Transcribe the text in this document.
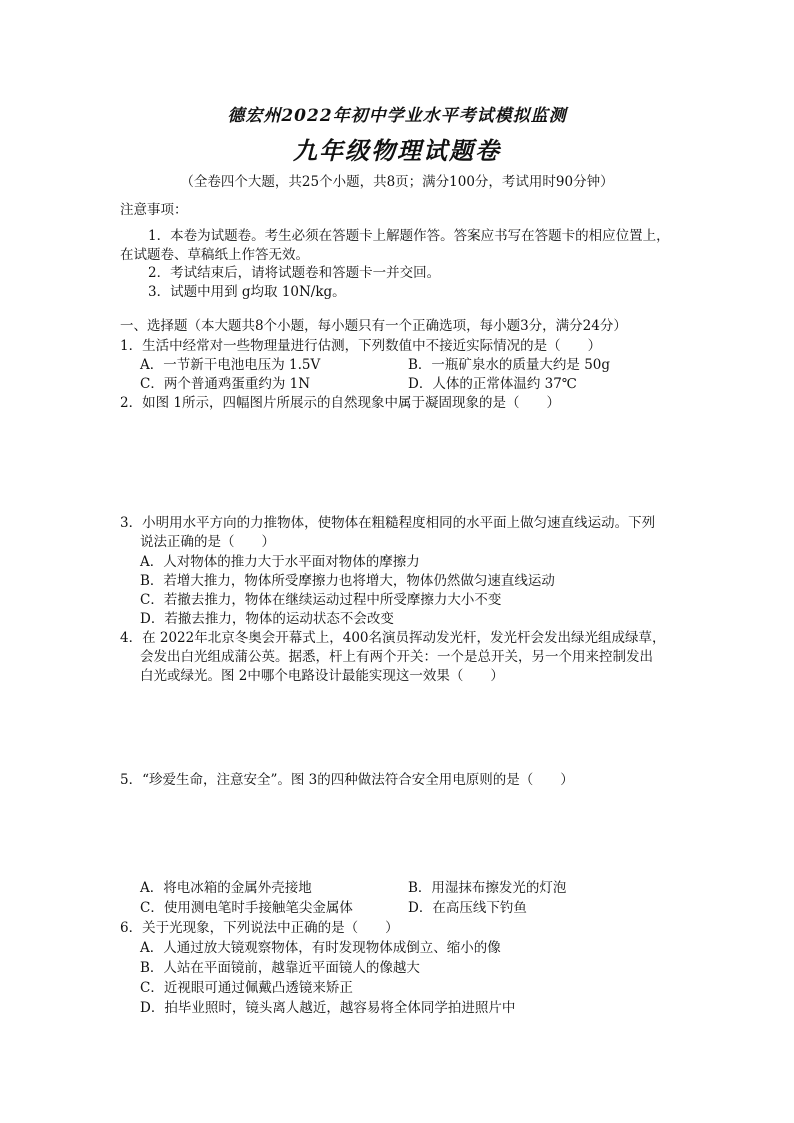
德宏州2022年初中学业水平考试模拟监测
九年级物理试题卷
（全卷四个大题，共25个小题，共8页；满分100分，考试用时90分钟）
注意事项：
1．本卷为试题卷。考生必须在答题卡上解题作答。答案应书写在答题卡的相应位置上，
在试题卷、草稿纸上作答无效。
2．考试结束后，请将试题卷和答题卡一并交回。
3．试题中用到 g均取 10N/kg。
一、选择题（本大题共8个小题，每小题只有一个正确选项，每小题3分，满分24分）
1．生活中经常对一些物理量进行估测，下列数值中不接近实际情况的是（　　）
A．一节新干电池电压为 1.5V	B．一瓶矿泉水的质量大约是 50g
C．两个普通鸡蛋重约为 1N	D．人体的正常体温约 37℃
2．如图 1所示，四幅图片所展示的自然现象中属于凝固现象的是（　　）
3．小明用水平方向的力推物体，使物体在粗糙程度相同的水平面上做匀速直线运动。下列
说法正确的是（　　）
A．人对物体的推力大于水平面对物体的摩擦力
B．若增大推力，物体所受摩擦力也将增大，物体仍然做匀速直线运动
C．若撤去推力，物体在继续运动过程中所受摩擦力大小不变
D．若撤去推力，物体的运动状态不会改变
4．在 2022年北京冬奥会开幕式上，400名演员挥动发光杆，发光杆会发出绿光组成绿草，
会发出白光组成蒲公英。据悉，杆上有两个开关：一个是总开关，另一个用来控制发出
白光或绿光。图 2中哪个电路设计最能实现这一效果（　　）
5．“珍爱生命，注意安全”。图 3的四种做法符合安全用电原则的是（　　）
A．将电冰箱的金属外壳接地	B．用湿抹布擦发光的灯泡
C．使用测电笔时手接触笔尖金属体	D．在高压线下钓鱼
6．关于光现象，下列说法中正确的是（　　）
A．人通过放大镜观察物体，有时发现物体成倒立、缩小的像
B．人站在平面镜前，越靠近平面镜人的像越大
C．近视眼可通过佩戴凸透镜来矫正
D．拍毕业照时，镜头离人越近，越容易将全体同学拍进照片中
